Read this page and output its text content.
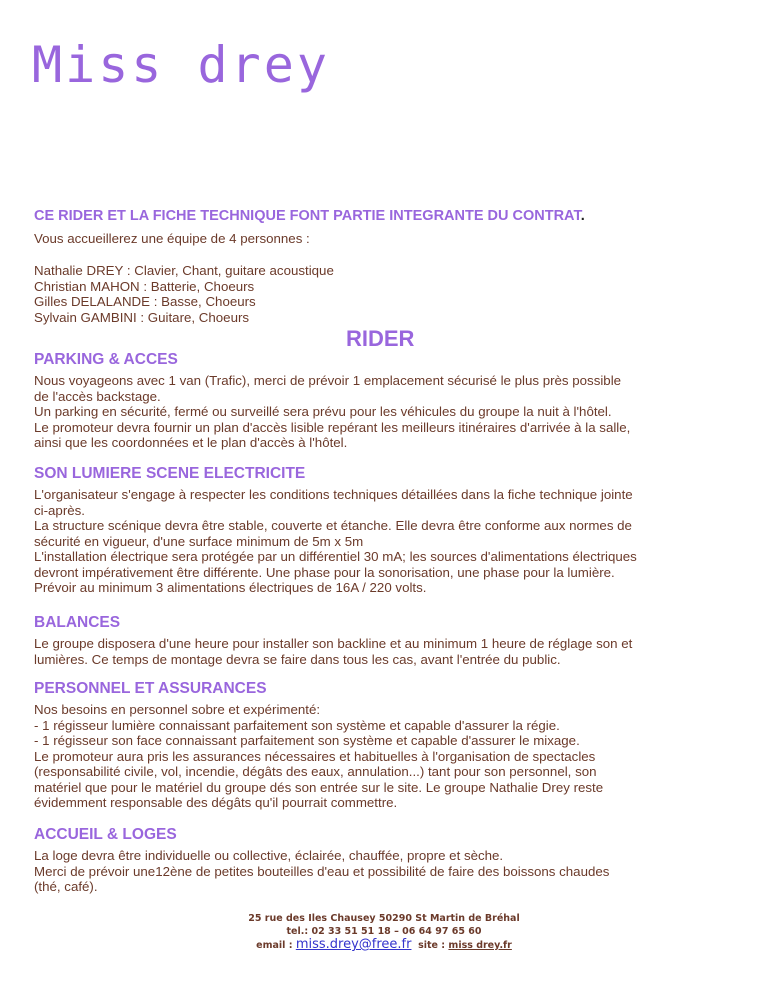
Miss drey
CE RIDER ET LA FICHE TECHNIQUE FONT PARTIE INTEGRANTE DU CONTRAT.

Vous accueillerez une équipe de 4 personnes :

Nathalie DREY : Clavier, Chant, guitare acoustique

Christian MAHON : Batterie, Choeurs

Gilles DELALANDE : Basse, Choeurs

Sylvain GAMBINI : Guitare, Choeurs

RIDER
PARKING & ACCES

Nous voyageons avec 1 van (Trafic), merci de prévoir 1 emplacement sécurisé le plus près possible

de l'accès backstage.

Un parking en sécurité, fermé ou surveillé sera prévu pour les véhicules du groupe la nuit à l'hôtel.

Le promoteur devra fournir un plan d'accès lisible repérant les meilleurs itinéraires d'arrivée à la salle,

ainsi que les coordonnées et le plan d'accès à l'hôtel.

SON LUMIERE SCENE ELECTRICITE

L'organisateur s'engage à respecter les conditions techniques détaillées dans la fiche technique jointe

ci-après.

La structure scénique devra être stable, couverte et étanche. Elle devra être conforme aux normes de

sécurité en vigueur, d'une surface minimum de 5m x 5m

L'installation électrique sera protégée par un différentiel 30 mA; les sources d'alimentations électriques

devront impérativement être différente. Une phase pour la sonorisation, une phase pour la lumière.

Prévoir au minimum 3 alimentations électriques de 16A / 220 volts.

BALANCES

Le groupe disposera d'une heure pour installer son backline et au minimum 1 heure de réglage son et

lumières. Ce temps de montage devra se faire dans tous les cas, avant l'entrée du public.

PERSONNEL ET ASSURANCES

Nos besoins en personnel sobre et expérimenté:

- 1 régisseur lumière connaissant parfaitement son système et capable d'assurer la régie.

- 1 régisseur son face connaissant parfaitement son système et capable d'assurer le mixage.

Le promoteur aura pris les assurances nécessaires et habituelles à l'organisation de spectacles

(responsabilité civile, vol, incendie, dégâts des eaux, annulation...) tant pour son personnel, son

matériel que pour le matériel du groupe dés son entrée sur le site. Le groupe Nathalie Drey reste

évidemment responsable des dégâts qu'il pourrait commettre.

ACCUEIL & LOGES

La loge devra être individuelle ou collective, éclairée, chauffée, propre et sèche.

Merci de prévoir une12ène de petites bouteilles d'eau et possibilité de faire des boissons chaudes

(thé, café).

25 rue des Iles Chausey 50290 St Martin de Bréhal
tel.: 02 33 51 51 18 – 06 64 97 65 60
email : miss.drey@free.fr site : miss drey.fr
